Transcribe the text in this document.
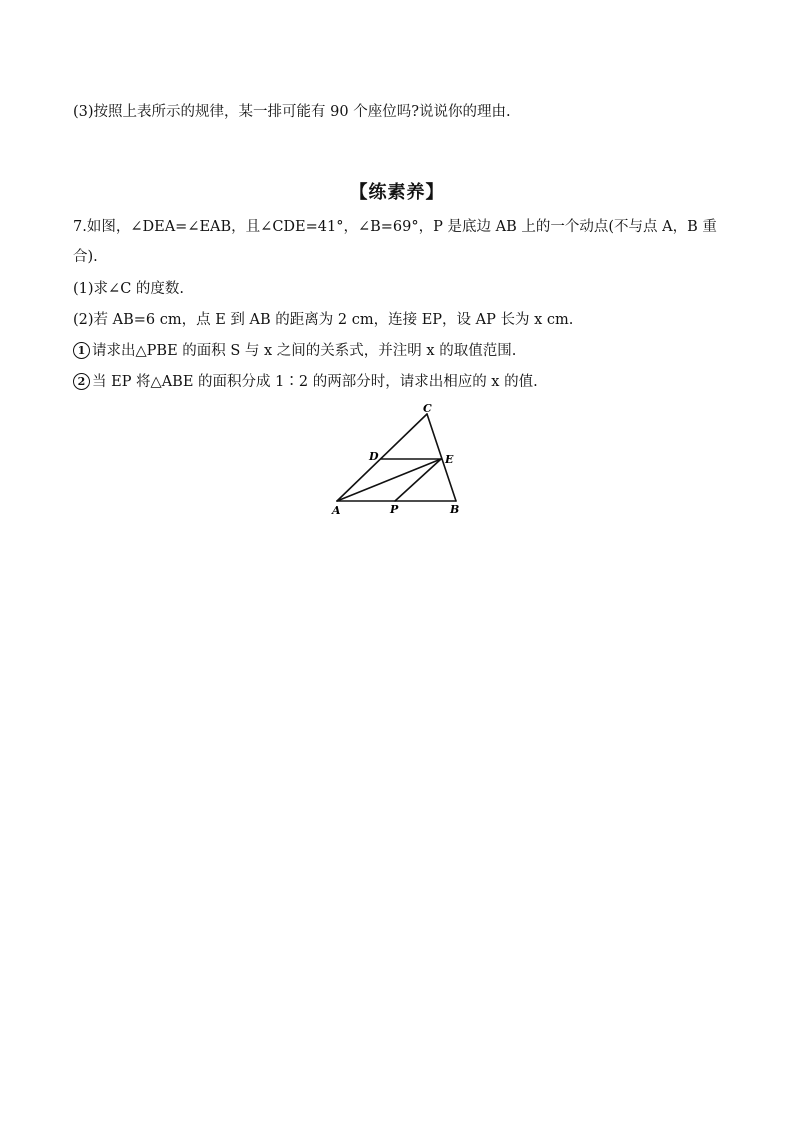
(3)按照上表所示的规律，某一排可能有 90 个座位吗?说说你的理由.
【练素养】
7.如图，∠DEA=∠EAB，且∠CDE=41°，∠B=69°，P 是底边 AB 上的一个动点(不与点 A，B 重
合).
(1)求∠C 的度数.
(2)若 AB=6 cm，点 E 到 AB 的距离为 2 cm，连接 EP，设 AP 长为 x cm.
1 请求出△PBE 的面积 S 与 x 之间的关系式，并注明 x 的取值范围.
2 当 EP 将△ABE 的面积分成 1∶2 的两部分时，请求出相应的 x 的值.
C
D	E
A	P	B
